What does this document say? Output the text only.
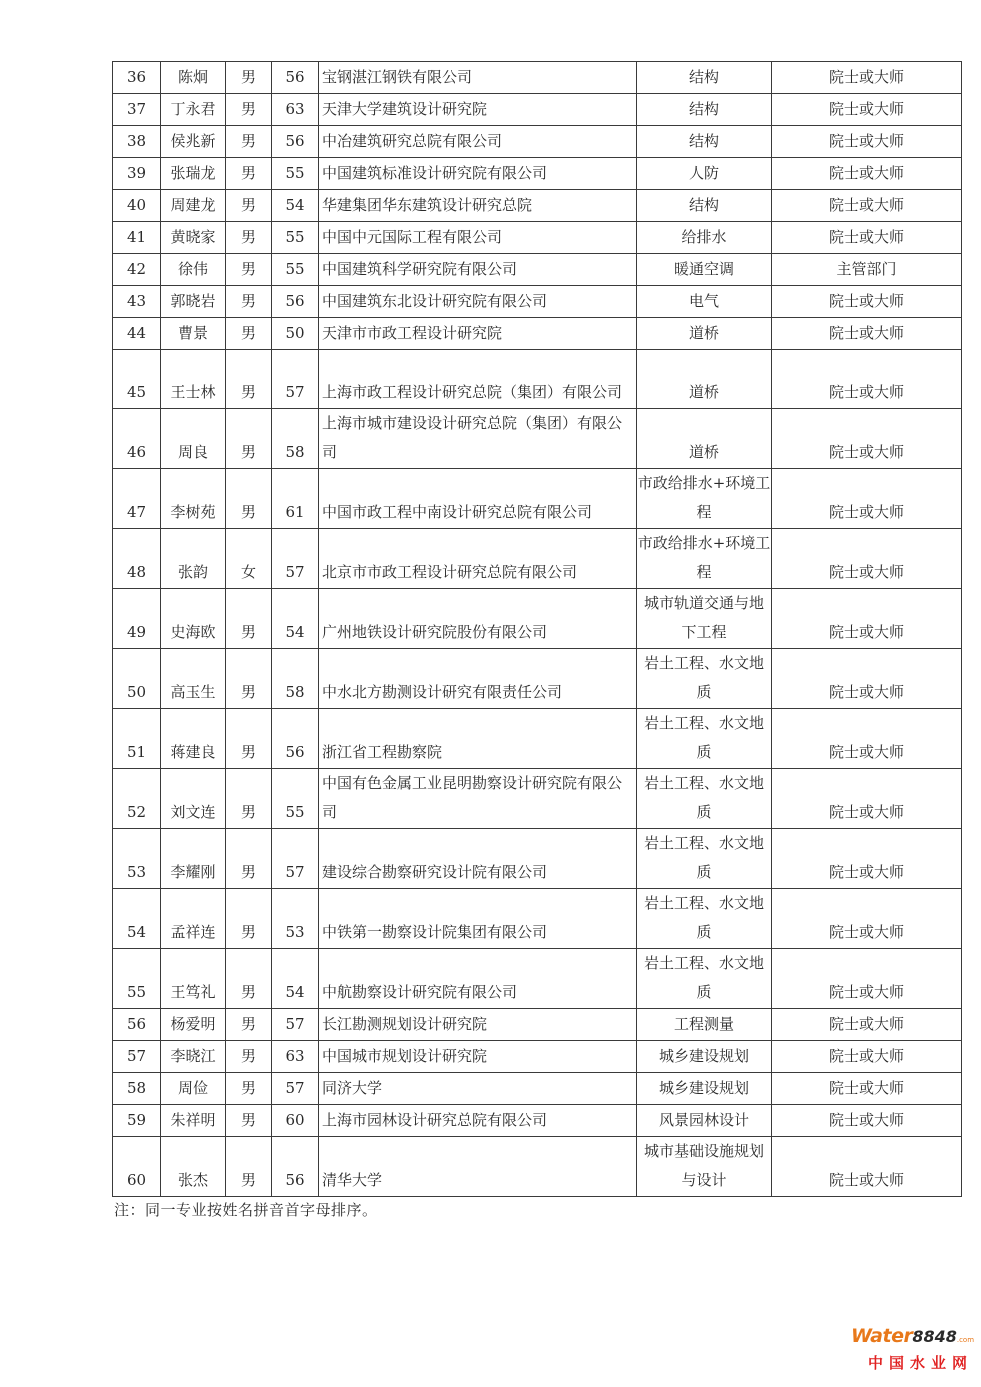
36	陈炯	男	56	宝钢湛江钢铁有限公司	结构	院士或大师

37	丁永君	男	63	天津大学建筑设计研究院	结构	院士或大师

38	侯兆新	男	56	中冶建筑研究总院有限公司	结构	院士或大师

39	张瑞龙	男	55	中国建筑标准设计研究院有限公司	人防	院士或大师

40	周建龙	男	54	华建集团华东建筑设计研究总院	结构	院士或大师

41	黄晓家	男	55	中国中元国际工程有限公司	给排水	院士或大师

42	徐伟	男	55	中国建筑科学研究院有限公司	暖通空调	主管部门

43	郭晓岩	男	56	中国建筑东北设计研究院有限公司	电气	院士或大师

44	曹景	男	50	天津市市政工程设计研究院	道桥	院士或大师

45	王士林	男	57	上海市政工程设计研究总院（集团）有限公司	道桥	院士或大师

46	周良	男	58	上海市城市建设设计研究总院（集团）有限公司	道桥	院士或大师

47	李树苑	男	61	中国市政工程中南设计研究总院有限公司	市政给排水+环境工程	院士或大师

48	张韵	女	57	北京市市政工程设计研究总院有限公司	市政给排水+环境工程	院士或大师

49	史海欧	男	54	广州地铁设计研究院股份有限公司	城市轨道交通与地下工程	院士或大师

50	高玉生	男	58	中水北方勘测设计研究有限责任公司	岩土工程、水文地质	院士或大师

51	蒋建良	男	56	浙江省工程勘察院	岩土工程、水文地质	院士或大师

52	刘文连	男	55	中国有色金属工业昆明勘察设计研究院有限公司	岩土工程、水文地质	院士或大师

53	李耀刚	男	57	建设综合勘察研究设计院有限公司	岩土工程、水文地质	院士或大师

54	孟祥连	男	53	中铁第一勘察设计院集团有限公司	岩土工程、水文地质	院士或大师

55	王笃礼	男	54	中航勘察设计研究院有限公司	岩土工程、水文地质	院士或大师

56	杨爱明	男	57	长江勘测规划设计研究院	工程测量	院士或大师

57	李晓江	男	63	中国城市规划设计研究院	城乡建设规划	院士或大师

58	周俭	男	57	同济大学	城乡建设规划	院士或大师

59	朱祥明	男	60	上海市园林设计研究总院有限公司	风景园林设计	院士或大师

60	张杰	男	56	清华大学	城市基础设施规划与设计	院士或大师
注：同一专业按姓名拼音首字母排序。
Water8848.com
中国水业网
